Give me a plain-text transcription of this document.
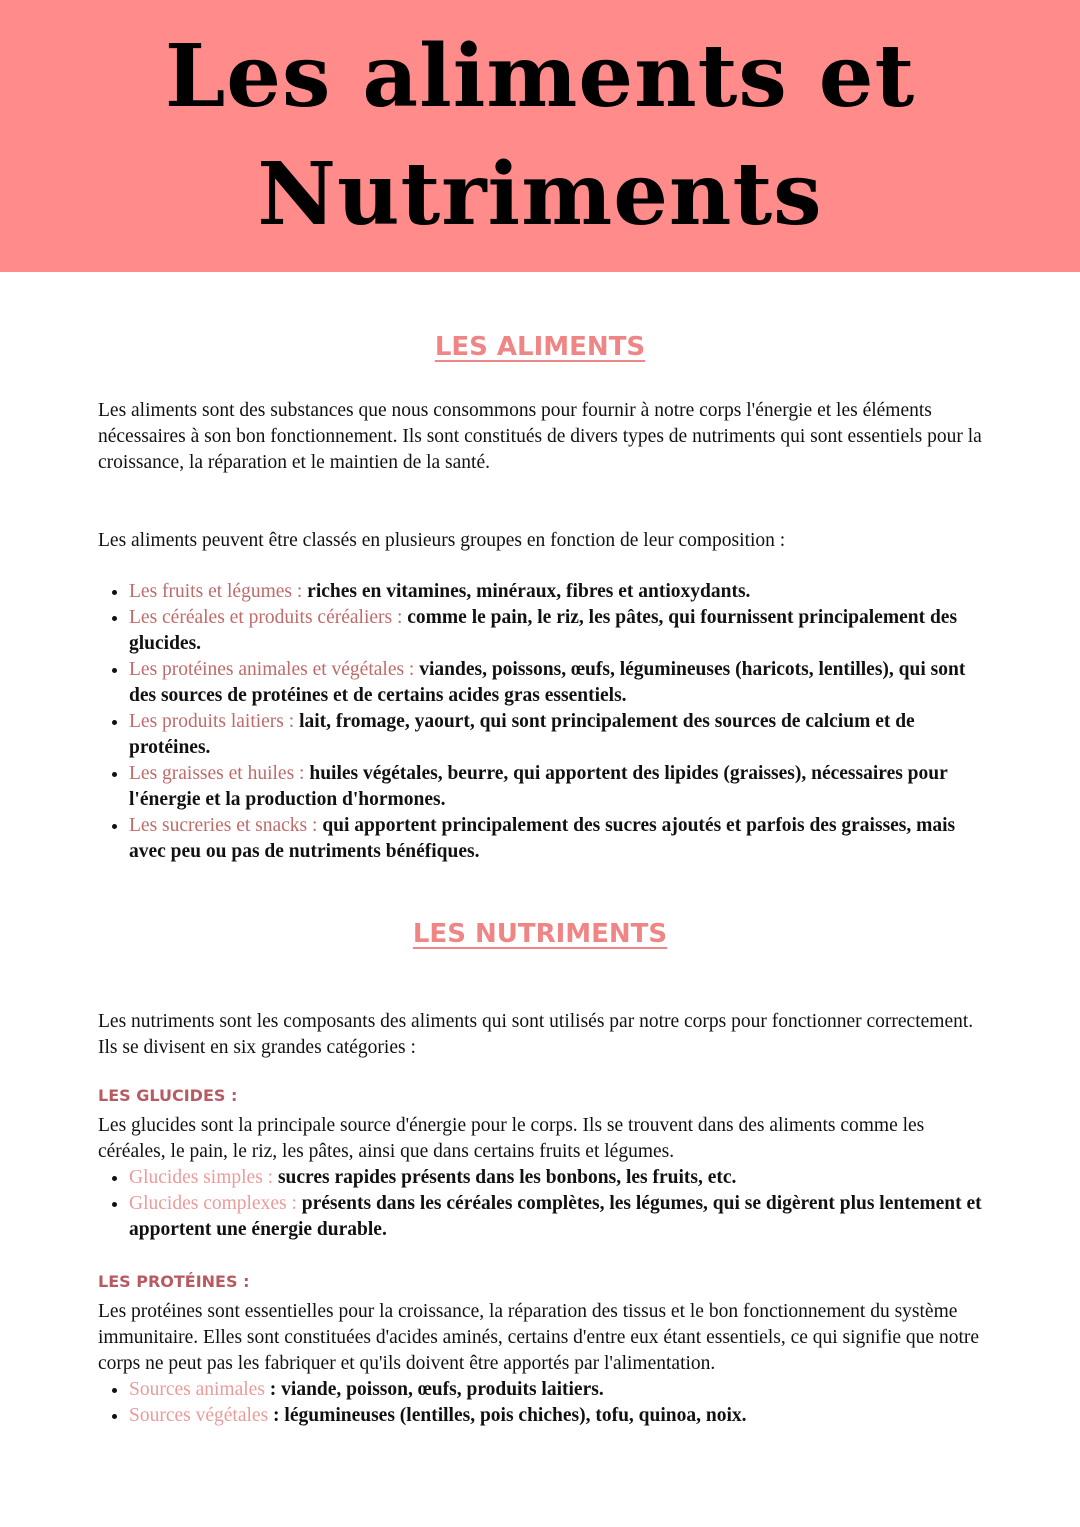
Les aliments et
Nutriments
LES ALIMENTS

Les aliments sont des substances que nous consommons pour fournir à notre corps l'énergie et les éléments nécessaires à son bon fonctionnement. Ils sont constitués de divers types de nutriments qui sont essentiels pour la croissance, la réparation et le maintien de la santé.

Les aliments peuvent être classés en plusieurs groupes en fonction de leur composition :

• Les fruits et légumes : riches en vitamines, minéraux, fibres et antioxydants.
• Les céréales et produits céréaliers : comme le pain, le riz, les pâtes, qui fournissent principalement des glucides.
• Les protéines animales et végétales : viandes, poissons, œufs, légumineuses (haricots, lentilles), qui sont des sources de protéines et de certains acides gras essentiels.
• Les produits laitiers : lait, fromage, yaourt, qui sont principalement des sources de calcium et de protéines.
• Les graisses et huiles : huiles végétales, beurre, qui apportent des lipides (graisses), nécessaires pour l'énergie et la production d'hormones.
• Les sucreries et snacks : qui apportent principalement des sucres ajoutés et parfois des graisses, mais avec peu ou pas de nutriments bénéfiques.
LES NUTRIMENTS

Les nutriments sont les composants des aliments qui sont utilisés par notre corps pour fonctionner correctement. Ils se divisent en six grandes catégories :

LES GLUCIDES :

Les glucides sont la principale source d'énergie pour le corps. Ils se trouvent dans des aliments comme les céréales, le pain, le riz, les pâtes, ainsi que dans certains fruits et légumes.

• Glucides simples : sucres rapides présents dans les bonbons, les fruits, etc.
• Glucides complexes : présents dans les céréales complètes, les légumes, qui se digèrent plus lentement et apportent une énergie durable.

LES PROTÉINES :

Les protéines sont essentielles pour la croissance, la réparation des tissus et le bon fonctionnement du système immunitaire. Elles sont constituées d'acides aminés, certains d'entre eux étant essentiels, ce qui signifie que notre corps ne peut pas les fabriquer et qu'ils doivent être apportés par l'alimentation.

• Sources animales : viande, poisson, œufs, produits laitiers.
• Sources végétales : légumineuses (lentilles, pois chiches), tofu, quinoa, noix.
